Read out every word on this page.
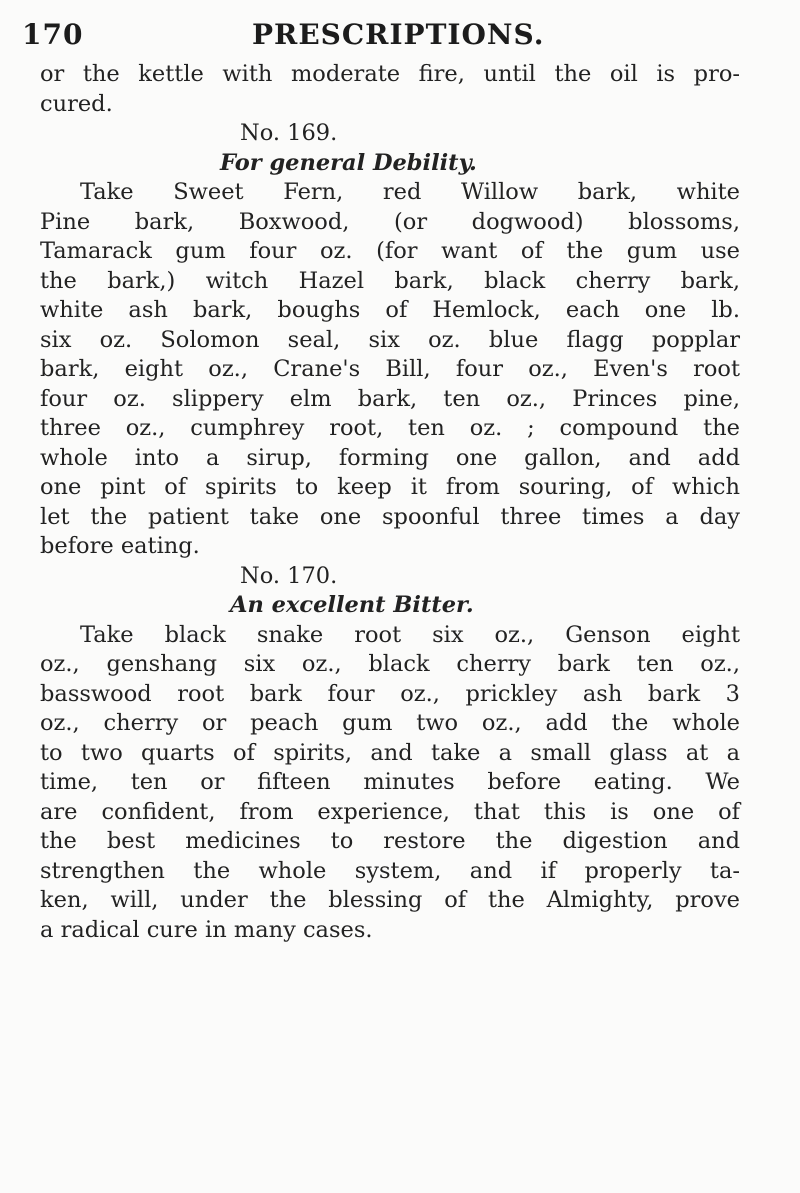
170	PRESCRIPTIONS.

or the kettle with moderate fire, until the oil is pro-
cured.

No. 169.
For general Debility.

Take Sweet Fern, red Willow bark, white
Pine bark, Boxwood, (or dogwood) blossoms,
Tamarack gum four oz. (for want of the gum use
the bark,) witch Hazel bark, black cherry bark,
white ash bark, boughs of Hemlock, each one lb.
six oz. Solomon seal, six oz. blue flagg popplar
bark, eight oz., Crane's Bill, four oz., Even's root
four oz. slippery elm bark, ten oz., Princes pine,
three oz., cumphrey root, ten oz. ; compound the
whole into a sirup, forming one gallon, and add
one pint of spirits to keep it from souring, of which
let the patient take one spoonful three times a day
before eating.

No. 170.
An excellent Bitter.

Take black snake root six oz., Genson eight
oz., genshang six oz., black cherry bark ten oz.,
basswood root bark four oz., prickley ash bark 3
oz., cherry or peach gum two oz., add the whole
to two quarts of spirits, and take a small glass at a
time, ten or fifteen minutes before eating. We
are confident, from experience, that this is one of
the best medicines to restore the digestion and
strengthen the whole system, and if properly ta-
ken, will, under the blessing of the Almighty, prove
a radical cure in many cases.
